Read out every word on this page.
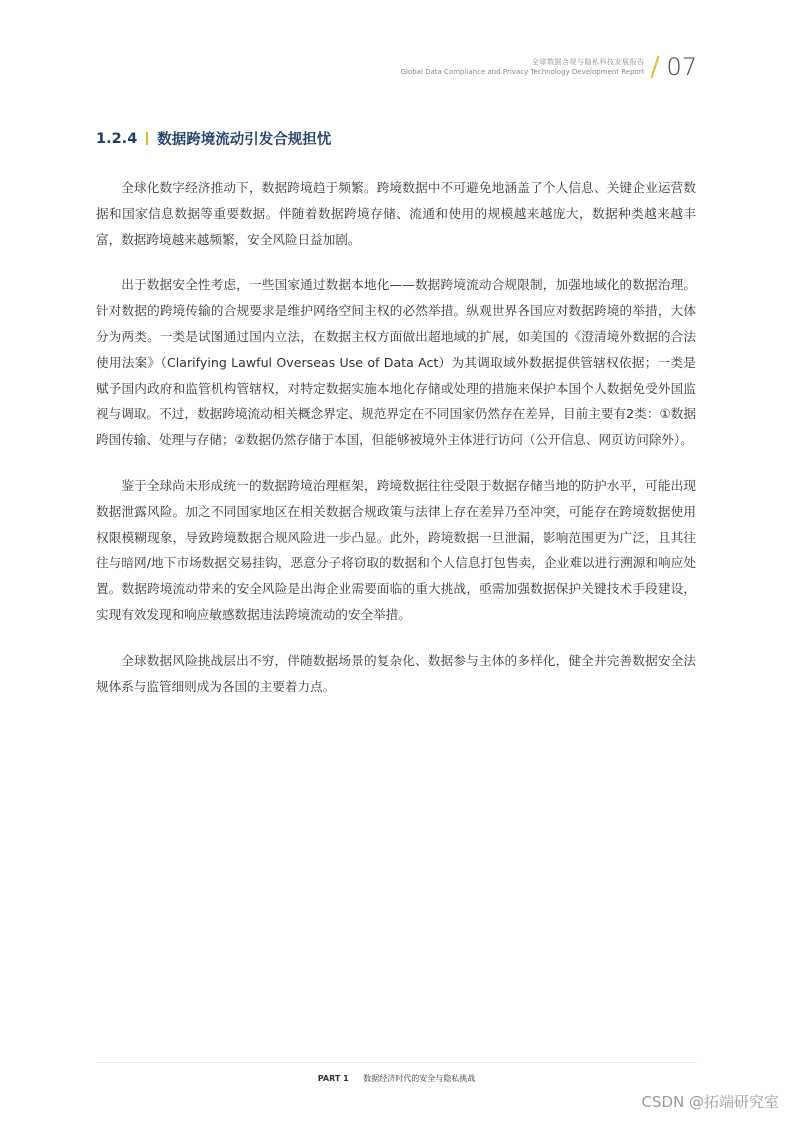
全球数据合规与隐私科技发展报告
Global Data Compliance and Privacy Technology Development Report 07
1.2.4 数据跨境流动引发合规担忧

全球化数字经济推动下，数据跨境趋于频繁。跨境数据中不可避免地涵盖了个人信息、关键企业运营数据和国家信息数据等重要数据。伴随着数据跨境存储、流通和使用的规模越来越庞大，数据种类越来越丰富，数据跨境越来越频繁，安全风险日益加剧。

出于数据安全性考虑，一些国家通过数据本地化——数据跨境流动合规限制，加强地域化的数据治理。针对数据的跨境传输的合规要求是维护网络空间主权的必然举措。纵观世界各国应对数据跨境的举措，大体分为两类。一类是试图通过国内立法，在数据主权方面做出超地域的扩展，如美国的《澄清境外数据的合法使用法案》（Clarifying Lawful Overseas Use of Data Act）为其调取域外数据提供管辖权依据；一类是赋予国内政府和监管机构管辖权，对特定数据实施本地化存储或处理的措施来保护本国个人数据免受外国监视与调取。不过，数据跨境流动相关概念界定、规范界定在不同国家仍然存在差异，目前主要有2类：①数据跨国传输、处理与存储；②数据仍然存储于本国，但能够被境外主体进行访问（公开信息、网页访问除外）。

鉴于全球尚未形成统一的数据跨境治理框架，跨境数据往往受限于数据存储当地的防护水平，可能出现数据泄露风险。加之不同国家地区在相关数据合规政策与法律上存在差异乃至冲突，可能存在跨境数据使用权限模糊现象，导致跨境数据合规风险进一步凸显。此外，跨境数据一旦泄漏，影响范围更为广泛，且其往往与暗网/地下市场数据交易挂钩，恶意分子将窃取的数据和个人信息打包售卖，企业难以进行溯源和响应处置。数据跨境流动带来的安全风险是出海企业需要面临的重大挑战，亟需加强数据保护关键技术手段建设，实现有效发现和响应敏感数据违法跨境流动的安全举措。

全球数据风险挑战层出不穷，伴随数据场景的复杂化、数据参与主体的多样化，健全并完善数据安全法规体系与监管细则成为各国的主要着力点。

PART 1 数据经济时代的安全与隐私挑战
CSDN @拓端研究室
